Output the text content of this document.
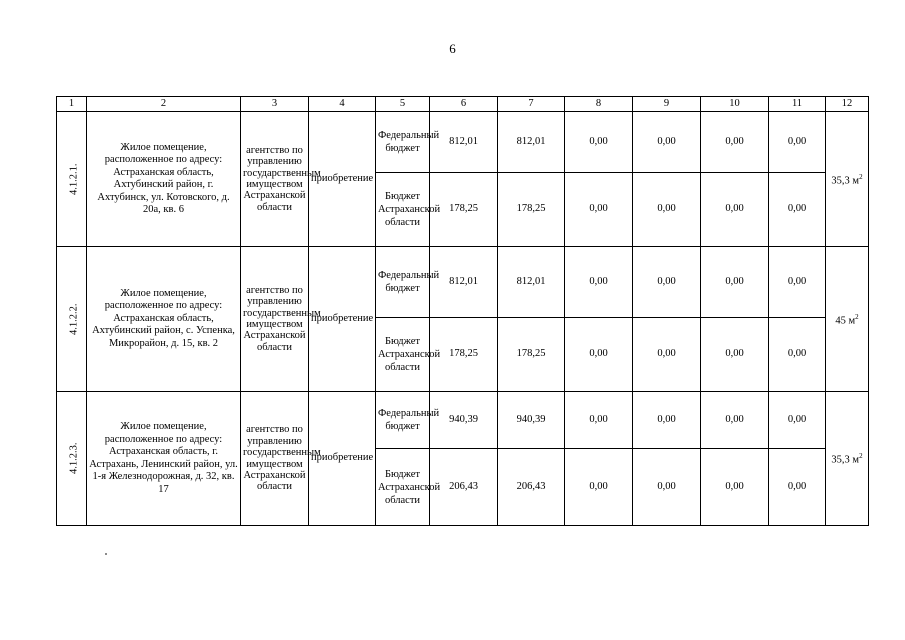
6
1	2	3	4	5	6	7	8	9	10	11	12
4.1.2.1.	Жилое помещение, расположенное по адресу: Астраханская область, Ахтубинский район, г. Ахтубинск, ул. Котовского, д. 20а, кв. 6	агентство по управлению государственным имуществом Астраханской области	приобретение	Федеральный бюджет	812,01	812,01	0,00	0,00	0,00	0,00	35,3 $м^2$
				Бюджет Астраханской области	178,25	178,25	0,00	0,00	0,00	0,00	
4.1.2.2.	Жилое помещение, расположенное по адресу: Астраханская область, Ахтубинский район, с. Успенка, Микрорайон, д. 15, кв. 2	агентство по управлению государственным имуществом Астраханской области	приобретение	Федеральный бюджет	812,01	812,01	0,00	0,00	0,00	0,00	45 $м^2$
				Бюджет Астраханской области	178,25	178,25	0,00	0,00	0,00	0,00	
4.1.2.3.	Жилое помещение, расположенное по адресу: Астраханская область, г. Астрахань, Ленинский район, ул. 1-я Железнодорожная, д. 32, кв. 17	агентство по управлению государственным имуществом Астраханской области	приобретение	Федеральный бюджет	940,39	940,39	0,00	0,00	0,00	0,00	35,3 $м^2$
				Бюджет Астраханской области	206,43	206,43	0,00	0,00	0,00	0,00	
